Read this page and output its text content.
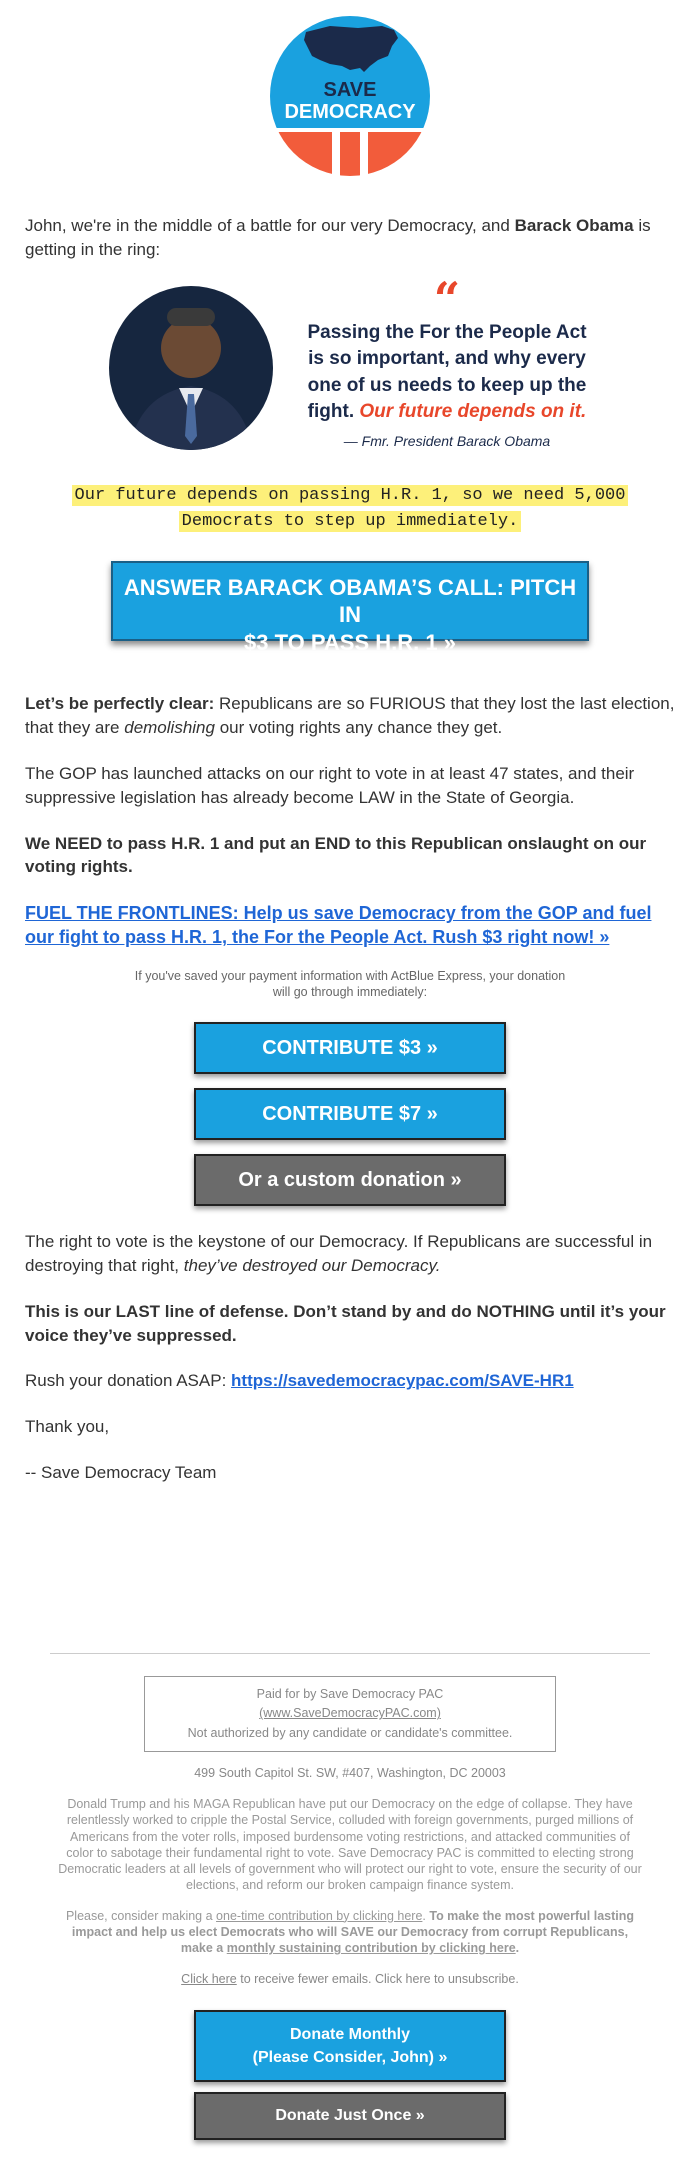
SAVE
DEMOCRACY

John, we're in the middle of a battle for our very Democracy, and Barack Obama is getting in the ring:

“
Passing the For the People Act is so important, and why every one of us needs to keep up the fight. Our future depends on it.
— Fmr. President Barack Obama
Our future depends on passing H.R. 1, so we need 5,000
Democrats to step up immediately.
ANSWER BARACK OBAMA’S CALL: PITCH IN
$3 TO PASS H.R. 1 »

Let’s be perfectly clear: Republicans are so FURIOUS that they lost the last election, that they are demolishing our voting rights any chance they get.

The GOP has launched attacks on our right to vote in at least 47 states, and their suppressive legislation has already become LAW in the State of Georgia.

We NEED to pass H.R. 1 and put an END to this Republican onslaught on our voting rights.

FUEL THE FRONTLINES: Help us save Democracy from the GOP and fuel our fight to pass H.R. 1, the For the People Act. Rush $3 right now! »

If you've saved your payment information with ActBlue Express, your donation
will go through immediately:
CONTRIBUTE $3 »
CONTRIBUTE $7 »
Or a custom donation »

The right to vote is the keystone of our Democracy. If Republicans are successful in destroying that right, they’ve destroyed our Democracy.

This is our LAST line of defense. Don’t stand by and do NOTHING until it’s your voice they’ve suppressed.

Rush your donation ASAP: https://savedemocracypac.com/SAVE-HR1

Thank you,

-- Save Democracy Team

Paid for by Save Democracy PAC
(www.SaveDemocracyPAC.com)
Not authorized by any candidate or candidate's committee.
499 South Capitol St. SW, #407, Washington, DC 20003

Donald Trump and his MAGA Republican have put our Democracy on the edge of collapse. They have relentlessly worked to cripple the Postal Service, colluded with foreign governments, purged millions of Americans from the voter rolls, imposed burdensome voting restrictions, and attacked communities of color to sabotage their fundamental right to vote. Save Democracy PAC is committed to electing strong Democratic leaders at all levels of government who will protect our right to vote, ensure the security of our elections, and reform our broken campaign finance system.

Please, consider making a one-time contribution by clicking here. To make the most powerful lasting impact and help us elect Democrats who will SAVE our Democracy from corrupt Republicans, make a monthly sustaining contribution by clicking here.

Click here to receive fewer emails. Click here to unsubscribe.

Donate Monthly
(Please Consider, John) »
Donate Just Once »
